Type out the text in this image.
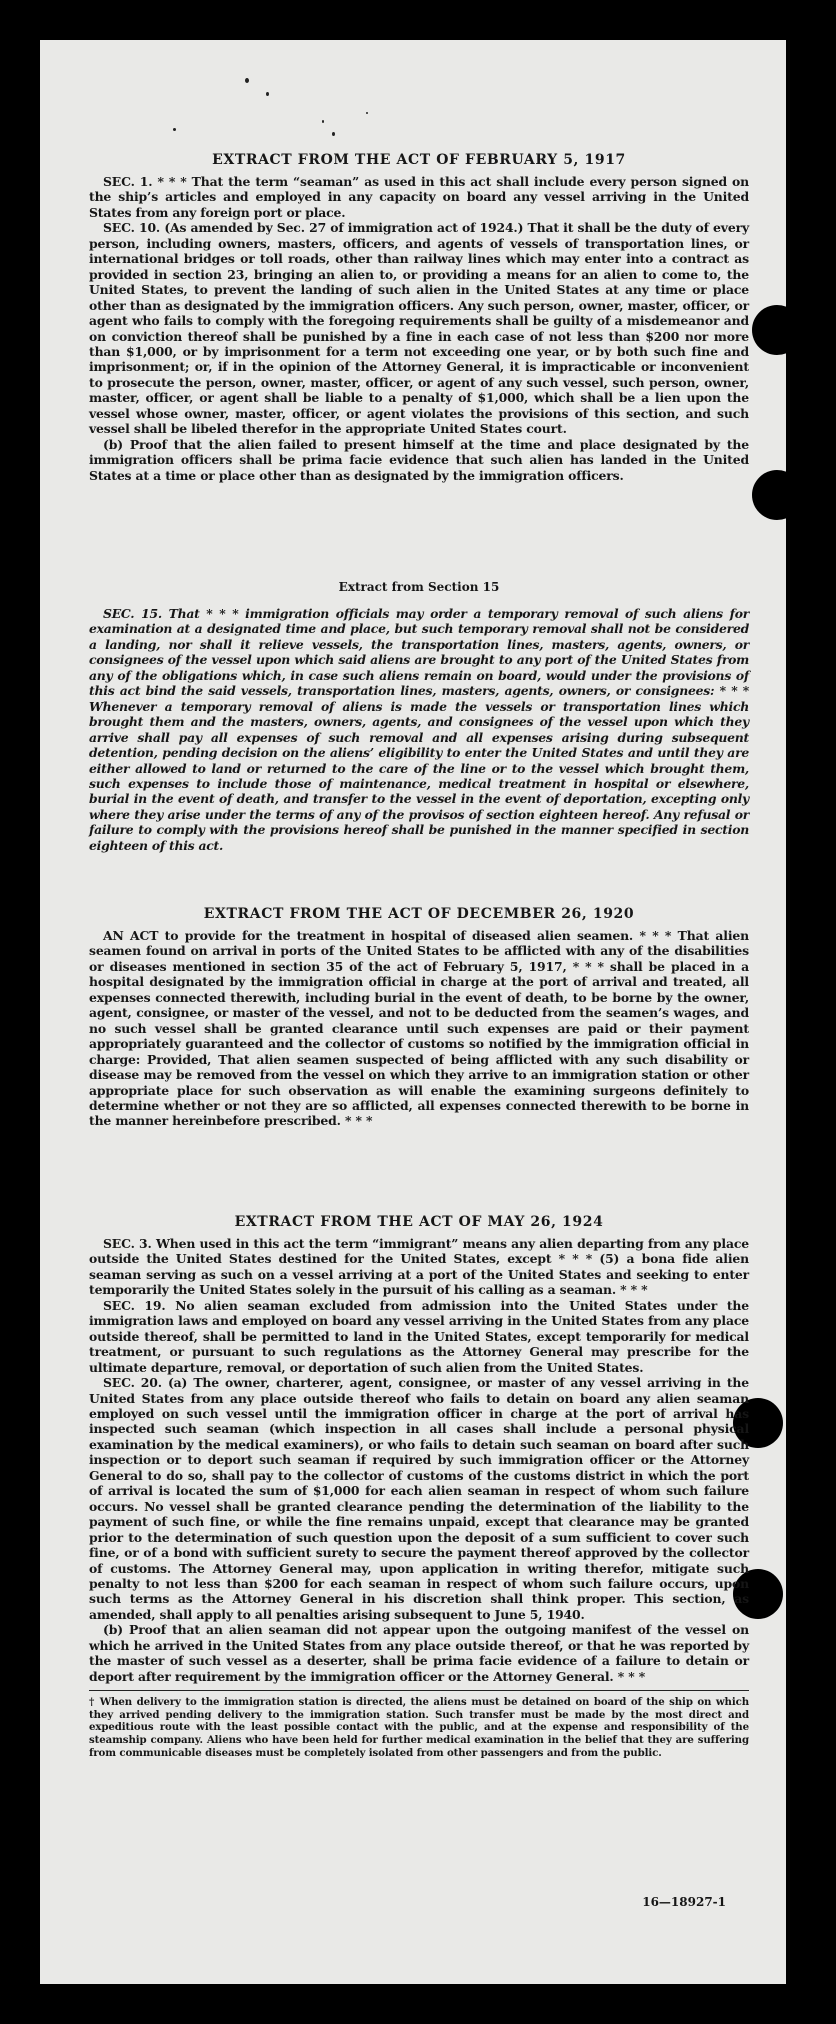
EXTRACT FROM THE ACT OF FEBRUARY 5, 1917

SEC. 1. * * * That the term “seaman” as used in this act shall include every person signed on the ship’s articles and employed in any capacity on board any vessel arriving in the United States from any foreign port or place.

SEC. 10. (As amended by Sec. 27 of immigration act of 1924.) That it shall be the duty of every person, including owners, masters, officers, and agents of vessels of transportation lines, or international bridges or toll roads, other than railway lines which may enter into a contract as provided in section 23, bringing an alien to, or providing a means for an alien to come to, the United States, to prevent the landing of such alien in the United States at any time or place other than as designated by the immigration officers. Any such person, owner, master, officer, or agent who fails to comply with the foregoing requirements shall be guilty of a misdemeanor and on conviction thereof shall be punished by a fine in each case of not less than $200 nor more than $1,000, or by imprisonment for a term not exceeding one year, or by both such fine and imprisonment; or, if in the opinion of the Attorney General, it is impracticable or inconvenient to prosecute the person, owner, master, officer, or agent of any such vessel, such person, owner, master, officer, or agent shall be liable to a penalty of $1,000, which shall be a lien upon the vessel whose owner, master, officer, or agent violates the provisions of this section, and such vessel shall be libeled therefor in the appropriate United States court.

(b) Proof that the alien failed to present himself at the time and place designated by the immigration officers shall be prima facie evidence that such alien has landed in the United States at a time or place other than as designated by the immigration officers.

Extract from Section 15

SEC. 15. That * * * immigration officials may order a temporary removal of such aliens for examination at a designated time and place, but such temporary removal shall not be considered a landing, nor shall it relieve vessels, the transportation lines, masters, agents, owners, or consignees of the vessel upon which said aliens are brought to any port of the United States from any of the obligations which, in case such aliens remain on board, would under the provisions of this act bind the said vessels, transportation lines, masters, agents, owners, or consignees: * * * Whenever a temporary removal of aliens is made the vessels or transportation lines which brought them and the masters, owners, agents, and consignees of the vessel upon which they arrive shall pay all expenses of such removal and all expenses arising during subsequent detention, pending decision on the aliens’ eligibility to enter the United States and until they are either allowed to land or returned to the care of the line or to the vessel which brought them, such expenses to include those of maintenance, medical treatment in hospital or elsewhere, burial in the event of death, and transfer to the vessel in the event of deportation, excepting only where they arise under the terms of any of the provisos of section eighteen hereof. Any refusal or failure to comply with the provisions hereof shall be punished in the manner specified in section eighteen of this act.

EXTRACT FROM THE ACT OF DECEMBER 26, 1920

AN ACT to provide for the treatment in hospital of diseased alien seamen. * * * That alien seamen found on arrival in ports of the United States to be afflicted with any of the disabilities or diseases mentioned in section 35 of the act of February 5, 1917, * * * shall be placed in a hospital designated by the immigration official in charge at the port of arrival and treated, all expenses connected therewith, including burial in the event of death, to be borne by the owner, agent, consignee, or master of the vessel, and not to be deducted from the seamen’s wages, and no such vessel shall be granted clearance until such expenses are paid or their payment appropriately guaranteed and the collector of customs so notified by the immigration official in charge: Provided, That alien seamen suspected of being afflicted with any such disability or disease may be removed from the vessel on which they arrive to an immigration station or other appropriate place for such observation as will enable the examining surgeons definitely to determine whether or not they are so afflicted, all expenses connected therewith to be borne in the manner hereinbefore prescribed. * * *

EXTRACT FROM THE ACT OF MAY 26, 1924

SEC. 3. When used in this act the term “immigrant” means any alien departing from any place outside the United States destined for the United States, except * * * (5) a bona fide alien seaman serving as such on a vessel arriving at a port of the United States and seeking to enter temporarily the United States solely in the pursuit of his calling as a seaman. * * *

SEC. 19. No alien seaman excluded from admission into the United States under the immigration laws and employed on board any vessel arriving in the United States from any place outside thereof, shall be permitted to land in the United States, except temporarily for medical treatment, or pursuant to such regulations as the Attorney General may prescribe for the ultimate departure, removal, or deportation of such alien from the United States.

SEC. 20. (a) The owner, charterer, agent, consignee, or master of any vessel arriving in the United States from any place outside thereof who fails to detain on board any alien seaman employed on such vessel until the immigration officer in charge at the port of arrival has inspected such seaman (which inspection in all cases shall include a personal physical examination by the medical examiners), or who fails to detain such seaman on board after such inspection or to deport such seaman if required by such immigration officer or the Attorney General to do so, shall pay to the collector of customs of the customs district in which the port of arrival is located the sum of $1,000 for each alien seaman in respect of whom such failure occurs. No vessel shall be granted clearance pending the determination of the liability to the payment of such fine, or while the fine remains unpaid, except that clearance may be granted prior to the determination of such question upon the deposit of a sum sufficient to cover such fine, or of a bond with sufficient surety to secure the payment thereof approved by the collector of customs. The Attorney General may, upon application in writing therefor, mitigate such penalty to not less than $200 for each seaman in respect of whom such failure occurs, upon such terms as the Attorney General in his discretion shall think proper. This section, as amended, shall apply to all penalties arising subsequent to June 5, 1940.

(b) Proof that an alien seaman did not appear upon the outgoing manifest of the vessel on which he arrived in the United States from any place outside thereof, or that he was reported by the master of such vessel as a deserter, shall be prima facie evidence of a failure to detain or deport after requirement by the immigration officer or the Attorney General. * * *

† When delivery to the immigration station is directed, the aliens must be detained on board of the ship on which they arrived pending delivery to the immigration station. Such transfer must be made by the most direct and expeditious route with the least possible contact with the public, and at the expense and responsibility of the steamship company. Aliens who have been held for further medical examination in the belief that they are suffering from communicable diseases must be completely isolated from other passengers and from the public.

16—18927-1
